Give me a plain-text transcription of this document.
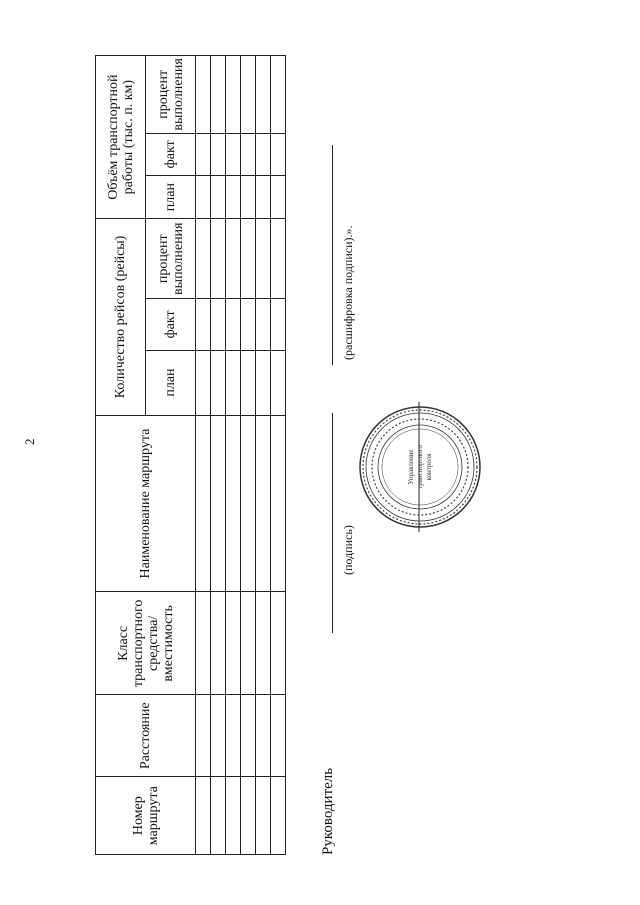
2
Номер маршрута	Расстояние	Класс транспортного средства/ вместимость	Наименование маршрута	Количество рейсов (рейсы)			Объём транспортной работы (тыс. п. км)		
				план	факт	процент выполнения	план	факт	процент выполнения

Руководитель
(подпись)
(расшифровка подписи).».
Управление транспортного контроля
